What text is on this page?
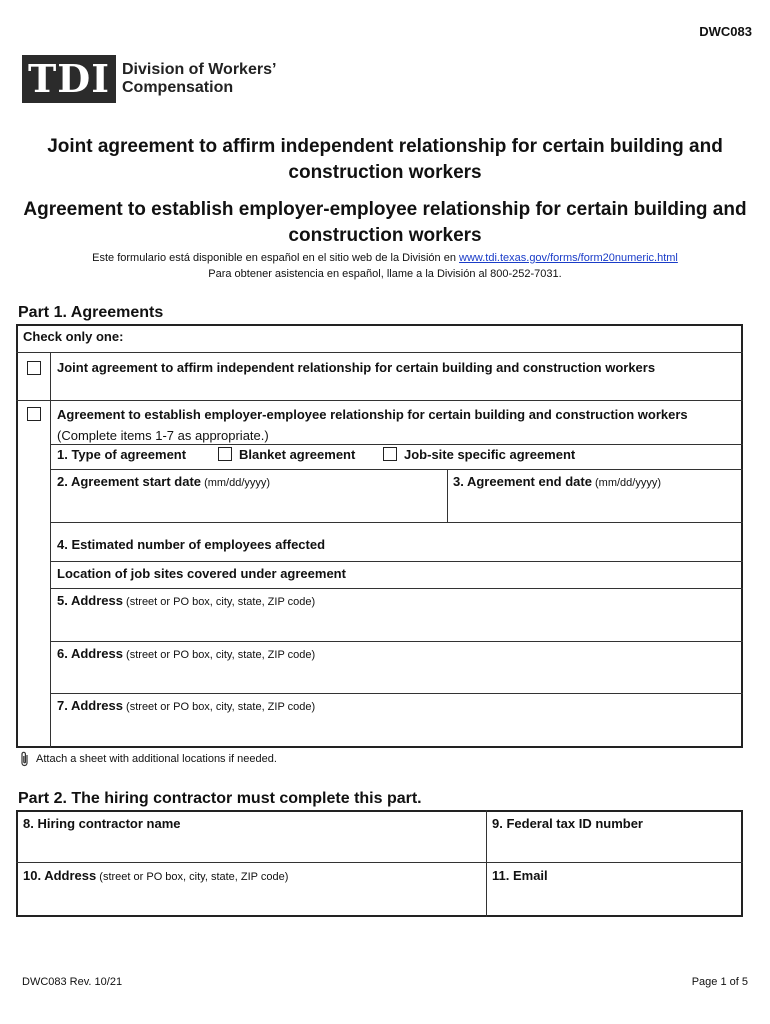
DWC083
TDI Division of Workers’
Compensation
Joint agreement to affirm independent relationship for certain building and construction workers
Agreement to establish employer-employee relationship for certain building and construction workers
Este formulario está disponible en español en el sitio web de la División en www.tdi.texas.gov/forms/form20numeric.html
Para obtener asistencia en español, llame a la División al 800-252-7031.
Part 1. Agreements
Check only one:
Joint agreement to affirm independent relationship for certain building and construction workers
Agreement to establish employer-employee relationship for certain building and construction workers (Complete items 1-7 as appropriate.)
1. Type of agreement	Blanket agreement	Job-site specific agreement
2. Agreement start date (mm/dd/yyyy)	3. Agreement end date (mm/dd/yyyy)
4. Estimated number of employees affected
Location of job sites covered under agreement
5. Address (street or PO box, city, state, ZIP code)
6. Address (street or PO box, city, state, ZIP code)
7. Address (street or PO box, city, state, ZIP code)
Attach a sheet with additional locations if needed.
Part 2. The hiring contractor must complete this part.
8. Hiring contractor name	9. Federal tax ID number
10. Address (street or PO box, city, state, ZIP code)	11. Email
DWC083 Rev. 10/21	Page 1 of 5
